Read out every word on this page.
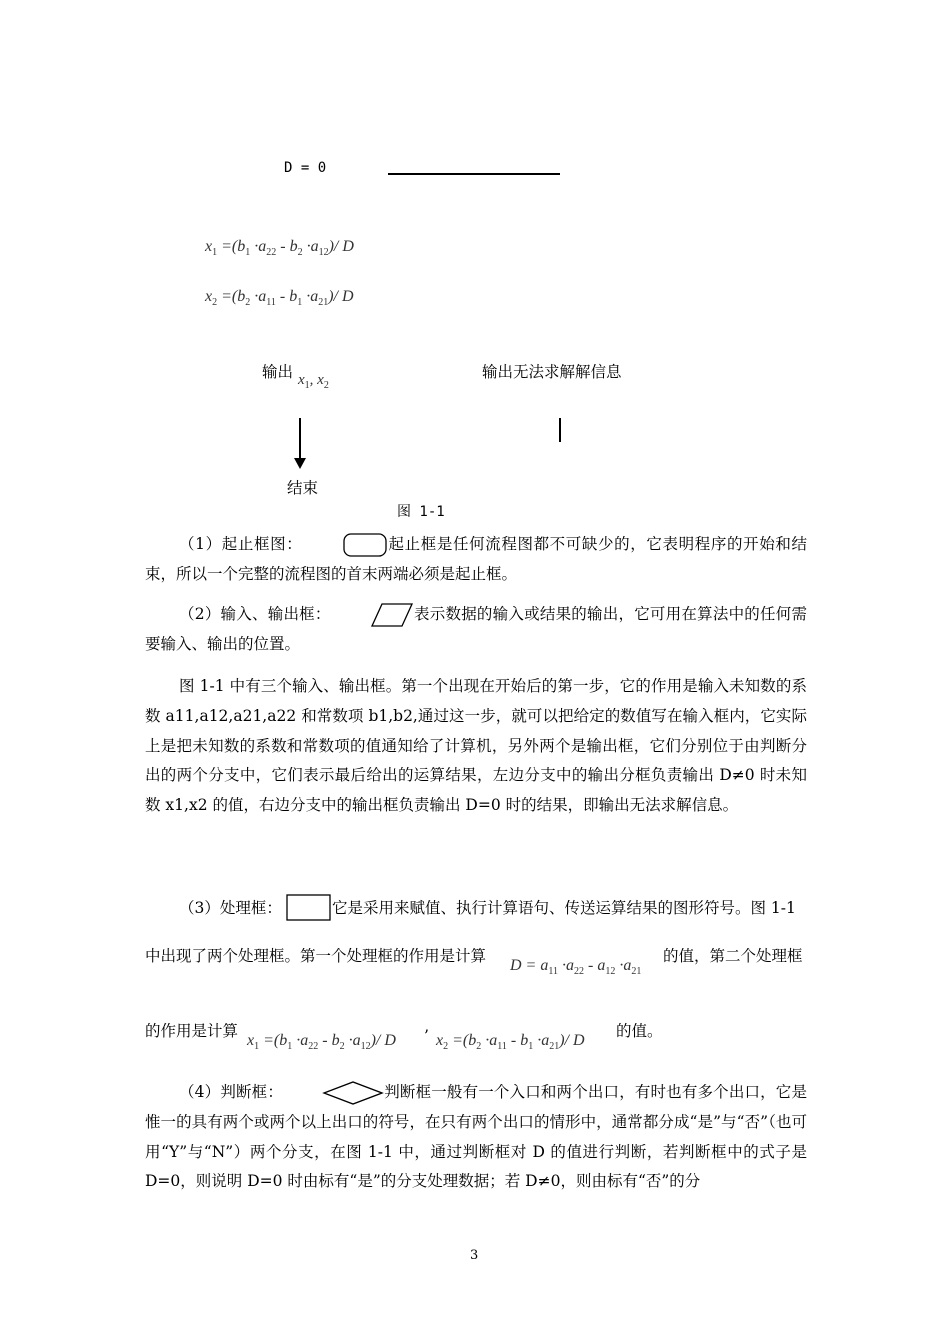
D = 0
$x_1 =(b_1 \cdot a_{22} - b_2 \cdot a_{12})/$ D
$x_2 =(b_2 \cdot a_{11} - b_1 \cdot a_{21})/$ D
输出 $x_1$, $x_2$
输出无法求解解信息
结束
图 1-1
（1）起止框图：	起止框是任何流程图都不可缺少的，它表明程序的开始和结束，所以一个完整的流程图的首末两端必须是起止框。
（2）输入、输出框：	表示数据的输入或结果的输出，它可用在算法中的任何需要输入、输出的位置。
图 1-1 中有三个输入、输出框。第一个出现在开始后的第一步，它的作用是输入未知数的系数 a11,a12,a21,a22 和常数项 b1,b2,通过这一步，就可以把给定的数值写在输入框内，它实际上是把未知数的系数和常数项的值通知给了计算机，另外两个是输出框，它们分别位于由判断分出的两个分支中，它们表示最后给出的运算结果，左边分支中的输出分框负责输出 D≠0 时未知数 x1,x2 的值，右边分支中的输出框负责输出 D=0 时的结果，即输出无法求解信息。
（3）处理框：	它是采用来赋值、执行计算语句、传送运算结果的图形符号。图 1-1
中出现了两个处理框。第一个处理框的作用是计算
$D = a_{11} \cdot a_{22} - a_{12} \cdot a_{21}$
的值，第二个处理框
的作用是计算
$x_1 =(b_1 \cdot a_{22} - b_2 \cdot a_{12})/$ D ’ $x_2 =(b_2 \cdot a_{11} - b_1 \cdot a_{21})/$ D
的值。
（4）判断框：	判断框一般有一个入口和两个出口，有时也有多个出口，它是惟一的具有两个或两个以上出口的符号，在只有两个出口的情形中，通常都分成“是”与“否”（也可用“Y”与“N”）两个分支，在图 1-1 中，通过判断框对 D 的值进行判断，若判断框中的式子是 D=0，则说明 D=0 时由标有“是”的分支处理数据；若 D≠0，则由标有“否”的分
3
